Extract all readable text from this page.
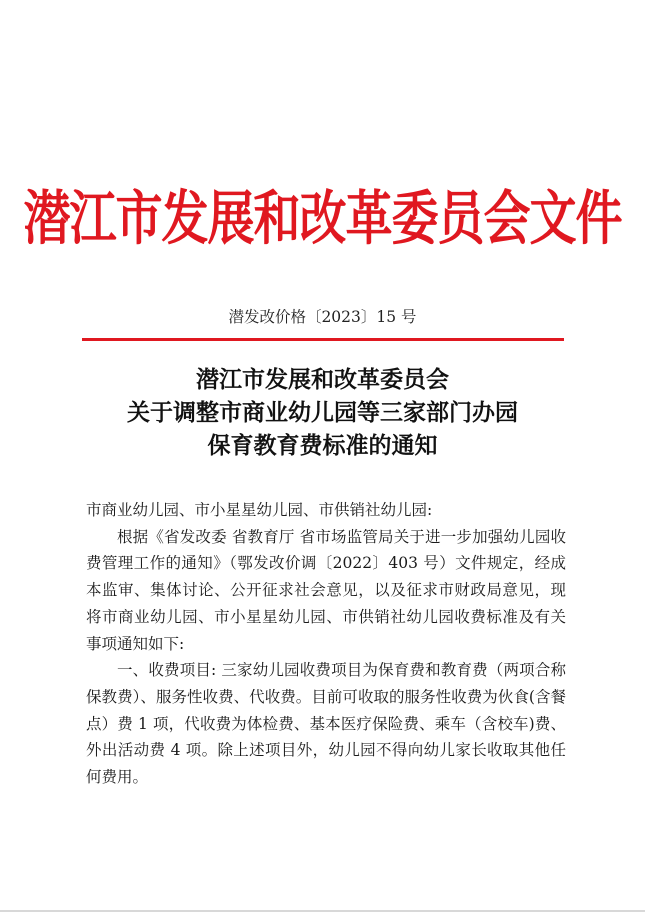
潜江市发展和改革委员会文件
潜发改价格〔2023〕15 号
潜江市发展和改革委员会
关于调整市商业幼儿园等三家部门办园
保育教育费标准的通知

市商业幼儿园、市小星星幼儿园、市供销社幼儿园:

根据《省发改委 省教育厅 省市场监管局关于进一步加强幼儿园收费管理工作的通知》（鄂发改价调〔2022〕403 号）文件规定，经成本监审、集体讨论、公开征求社会意见，以及征求市财政局意见，现将市商业幼儿园、市小星星幼儿园、市供销社幼儿园收费标准及有关事项通知如下:

一、收费项目: 三家幼儿园收费项目为保育费和教育费（两项合称保教费）、服务性收费、代收费。目前可收取的服务性收费为伙食(含餐点）费 1 项，代收费为体检费、基本医疗保险费、乘车（含校车)费、外出活动费 4 项。除上述项目外，幼儿园不得向幼儿家长收取其他任何费用。
